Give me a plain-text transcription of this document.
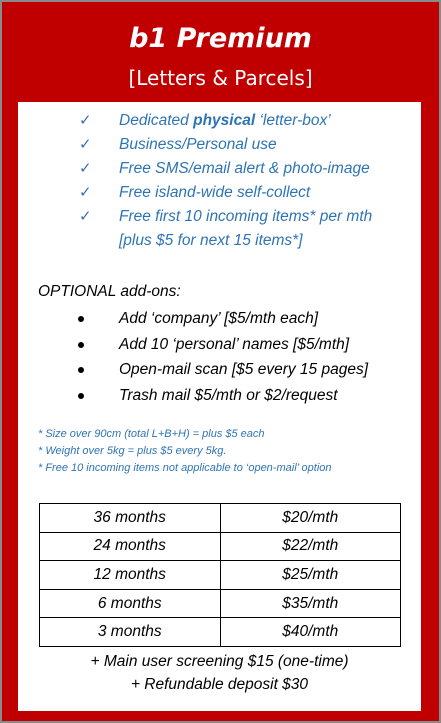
b1 Premium
[Letters & Parcels]
✓	Dedicated physical ‘letter-box’
✓	Business/Personal use
✓	Free SMS/email alert & photo-image
✓	Free island-wide self-collect
✓	Free first 10 incoming items* per mth
[plus $5 for next 15 items*]
OPTIONAL add-ons:
Add ‘company’ [$5/mth each]
Add 10 ‘personal’ names [$5/mth]
Open-mail scan [$5 every 15 pages]
Trash mail $5/mth or $2/request
* Size over 90cm (total L+B+H) = plus $5 each
* Weight over 5kg = plus $5 every 5kg.
* Free 10 incoming items not applicable to ‘open-mail’ option
36 months	$20/mth
24 months	$22/mth
12 months	$25/mth
6 months	$35/mth
3 months	$40/mth
+ Main user screening $15 (one-time)
+ Refundable deposit $30
